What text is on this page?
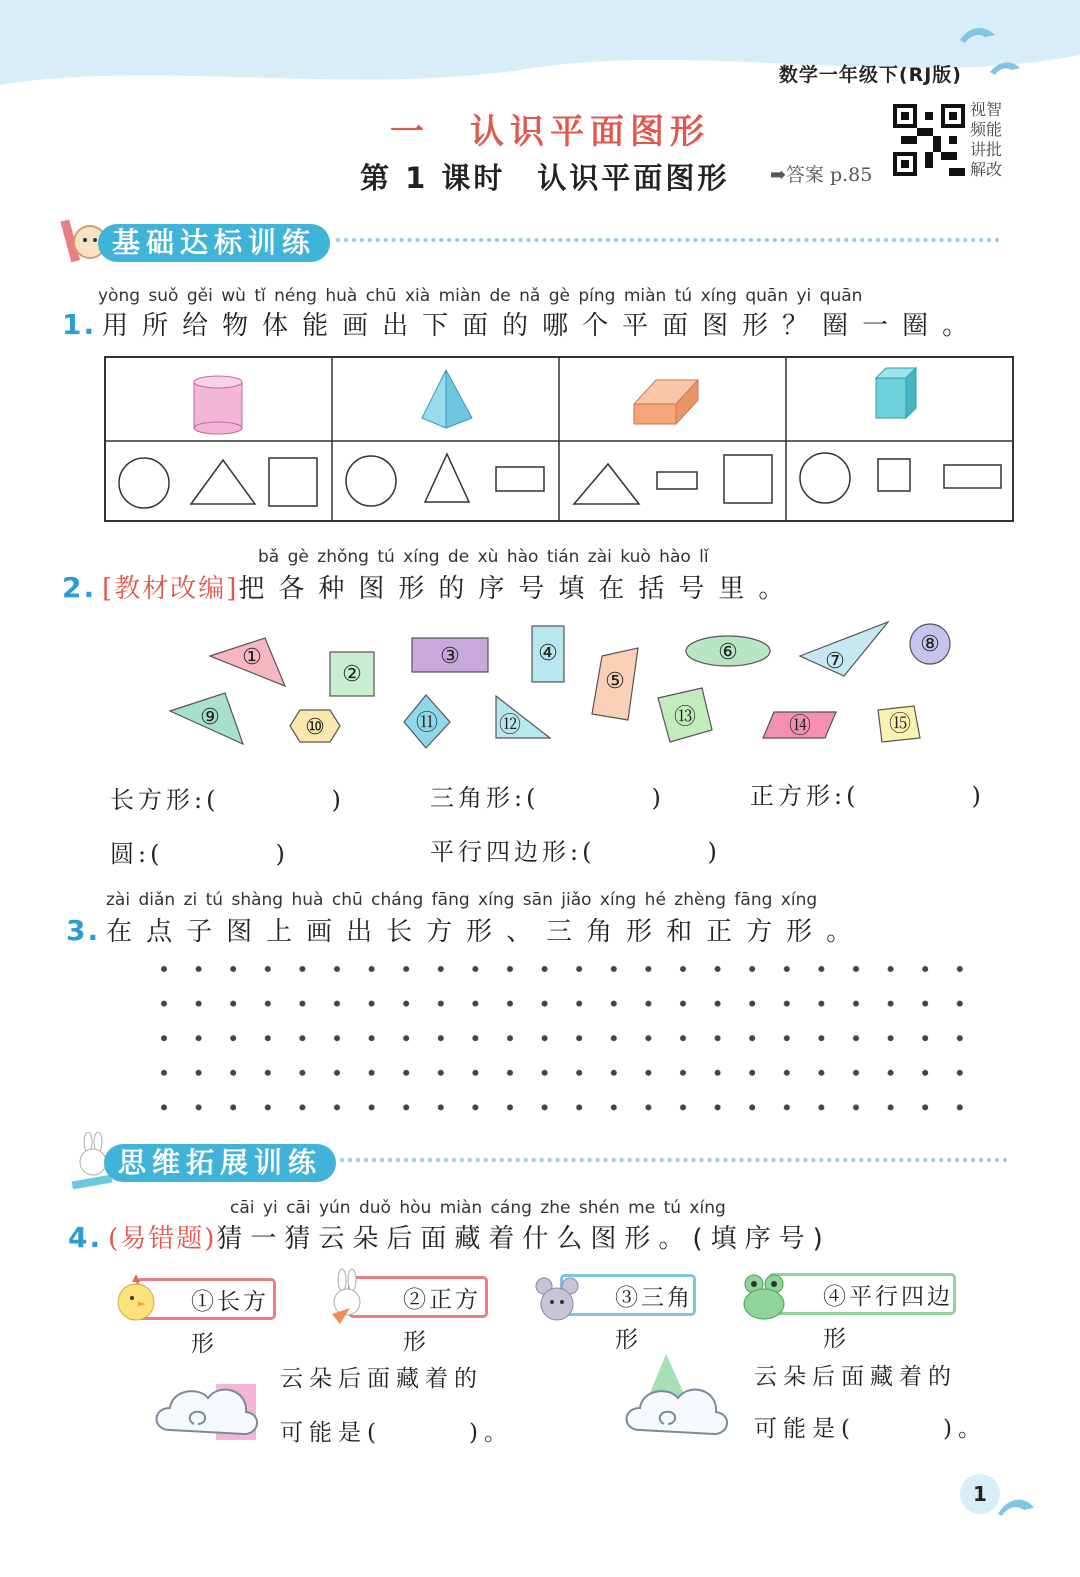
数学一年级下(RJ版)
一　认识平面图形
第 1 课时　认识平面图形 ➡答案 p.85
视智频能讲批解改
基础达标训练
yòng suǒ gěi wù tǐ néng huà chū xià miàn de nǎ gè píng miàn tú xíng quān yi quān
1. 用所给物体能画出下面的哪个平面图形？圈一圈。
bǎ gè zhǒng tú xíng de xù hào tián zài kuò hào lǐ
2. [教材改编]把各种图形的序号填在括号里。
①
②
③	④
⑤
⑥	⑦
⑧
⑨	⑩	⑪	⑫	⑬	⑭	⑮
长方形:(　　　　)	三角形:(　　　　)	正方形:(　　　　)
圆:(　　　　)	平行四边形:(　　　　)
zài diǎn zi tú shàng huà chū cháng fāng xíng sān jiǎo xíng hé zhèng fāng xíng
3. 在点子图上画出长方形、三角形和正方形。
思维拓展训练
cāi yi cāi yún duǒ hòu miàn cáng zhe shén me tú xíng
4. (易错题)猜一猜云朵后面藏着什么图形。(填序号)
①长方形
②正方形
③三角形
④平行四边形
云朵后面藏着的
可能是(　　　)。
云朵后面藏着的
可能是(　　　)。
1
